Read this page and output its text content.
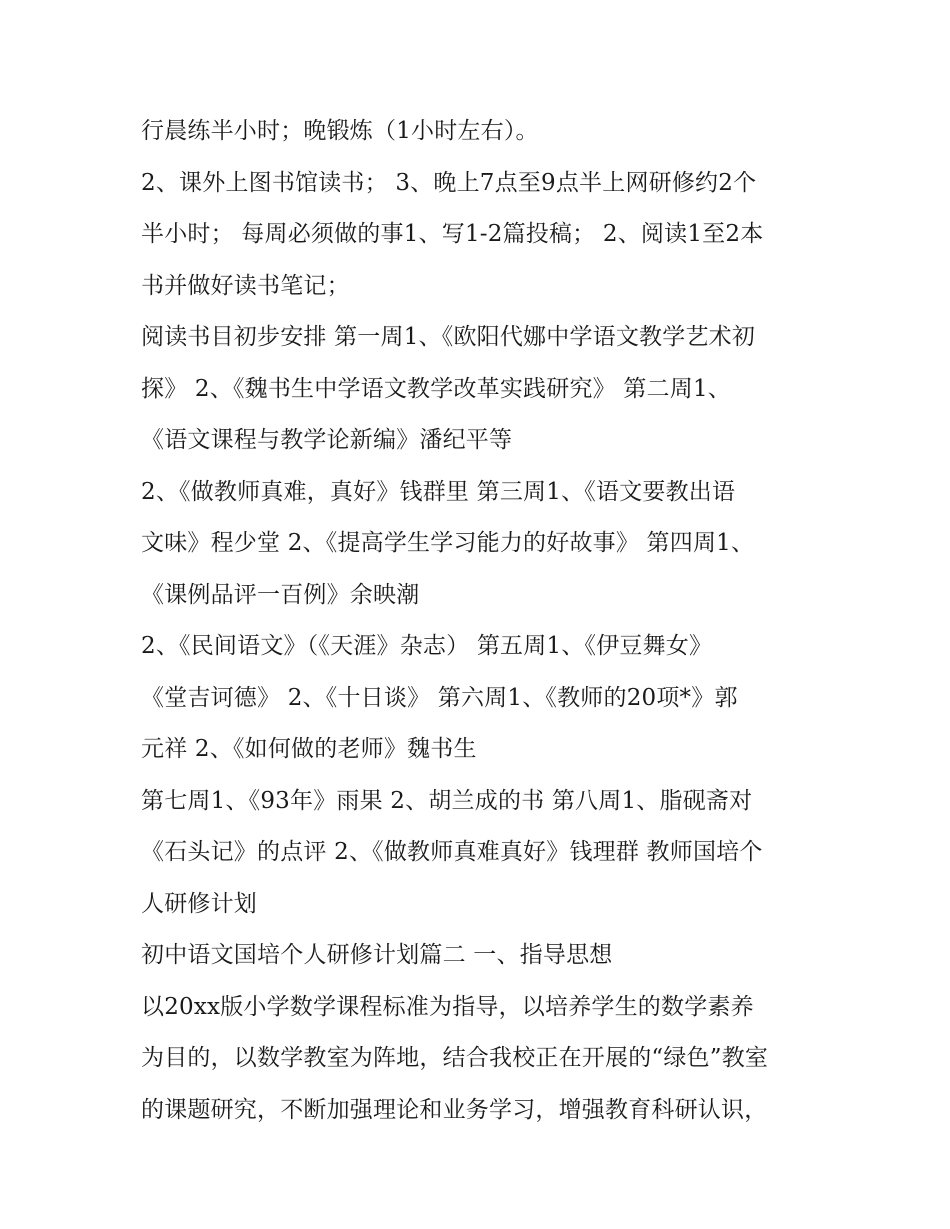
行晨练半小时；晚锻炼（1小时左右）。
2、课外上图书馆读书； 3、晚上7点至9点半上网研修约2个
半小时； 每周必须做的事1、写1-2篇投稿； 2、阅读1至2本
书并做好读书笔记；
阅读书目初步安排 第一周1、《欧阳代娜中学语文教学艺术初
探》 2、《魏书生中学语文教学改革实践研究》 第二周1、
《语文课程与教学论新编》潘纪平等
2、《做教师真难，真好》钱群里 第三周1、《语文要教出语
文味》程少堂 2、《提高学生学习能力的好故事》 第四周1、
《课例品评一百例》余映潮
2、《民间语文》（《天涯》杂志） 第五周1、《伊豆舞女》
《堂吉诃德》 2、《十日谈》 第六周1、《教师的20项*》郭
元祥 2、《如何做的老师》魏书生
第七周1、《93年》雨果 2、胡兰成的书 第八周1、脂砚斋对
《石头记》的点评 2、《做教师真难真好》钱理群 教师国培个
人研修计划
初中语文国培个人研修计划篇二 一、指导思想
以20xx版小学数学课程标准为指导，以培养学生的数学素养
为目的，以数学教室为阵地，结合我校正在开展的“绿色”教室
的课题研究，不断加强理论和业务学习，增强教育科研认识，
